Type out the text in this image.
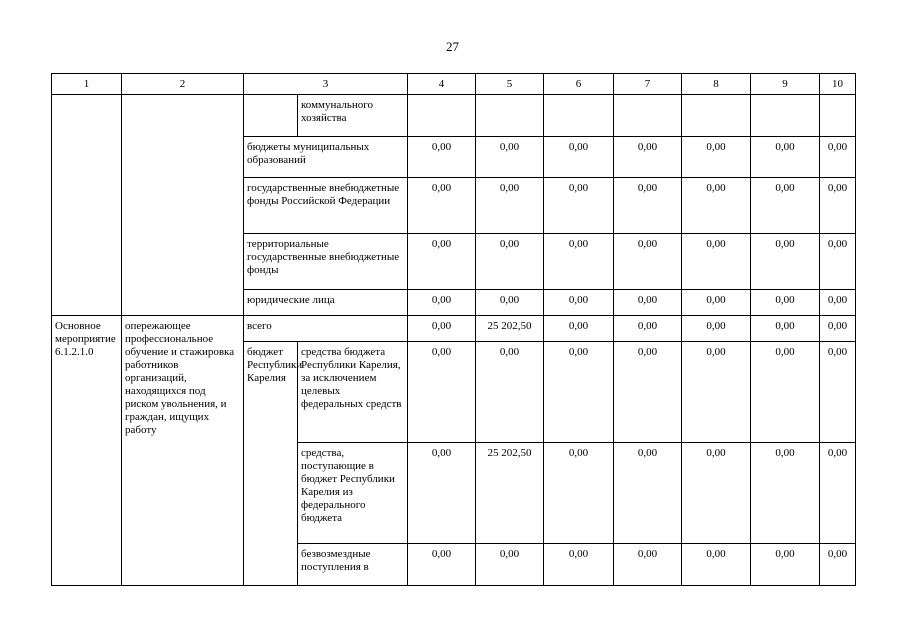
27
1	2	3		4	5	6	7	8	9	10
			коммунального хозяйства							
		бюджеты муниципальных образований		0,00	0,00	0,00	0,00	0,00	0,00	0,00
		государственные внебюджетные фонды Российской Федерации		0,00	0,00	0,00	0,00	0,00	0,00	0,00
		территориальные государственные внебюджетные фонды		0,00	0,00	0,00	0,00	0,00	0,00	0,00
		юридические лица		0,00	0,00	0,00	0,00	0,00	0,00	0,00
Основное мероприятие 6.1.2.1.0	опережающее профессиональное обучение и стажировка работников организаций, находящихся под риском увольнения, и граждан, ищущих работу	всего		0,00	25 202,50	0,00	0,00	0,00	0,00	0,00
		бюджет Республики Карелия	средства бюджета Республики Карелия, за исключением целевых федеральных средств	0,00	0,00	0,00	0,00	0,00	0,00	0,00
			средства, поступающие в бюджет Республики Карелия из федерального бюджета	0,00	25 202,50	0,00	0,00	0,00	0,00	0,00
			безвозмездные поступления в	0,00	0,00	0,00	0,00	0,00	0,00	0,00
